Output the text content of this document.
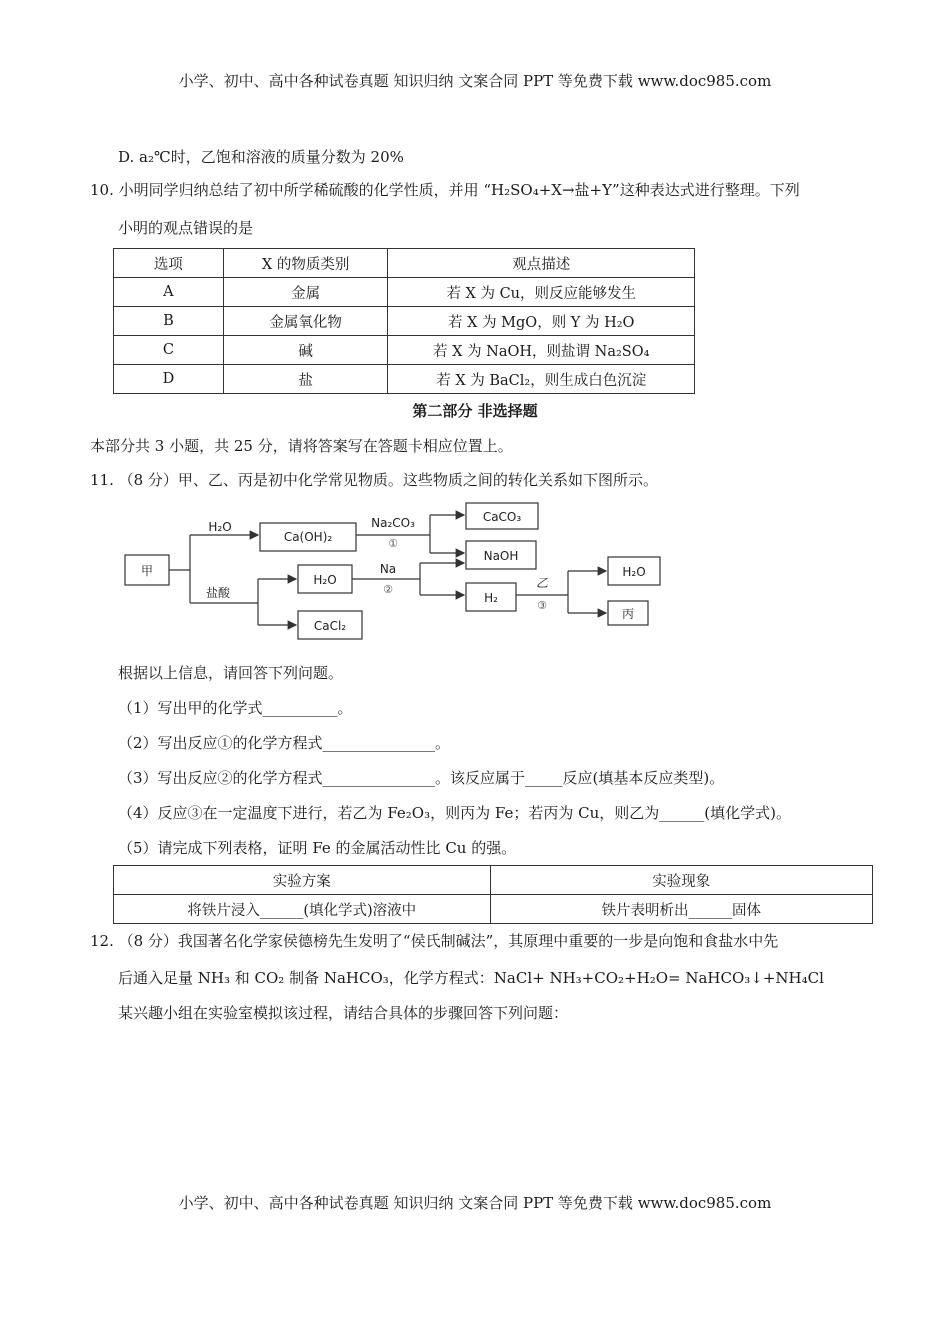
小学、初中、高中各种试卷真题 知识归纳 文案合同 PPT 等免费下载 www.doc985.com
D. a₂℃时，乙饱和溶液的质量分数为 20%
10. 小明同学归纳总结了初中所学稀硫酸的化学性质，并用 “H₂SO₄+X→盐+Y”这种表达式进行整理。下列
小明的观点错误的是
选项	X 的物质类别	观点描述
A	金属	若 X 为 Cu，则反应能够发生
B	金属氧化物	若 X 为 MgO，则 Y 为 H₂O
C	碱	若 X 为 NaOH，则盐谓 Na₂SO₄
D	盐	若 X 为 BaCl₂，则生成白色沉淀
第二部分 非选择题
本部分共 3 小题，共 25 分，请将答案写在答题卡相应位置上。
11. （8 分）甲、乙、丙是初中化学常见物质。这些物质之间的转化关系如下图所示。
甲
H₂O
Ca(OH)₂
Na₂CO₃
①
CaCO₃
NaOH
盐酸
H₂O
Na
②
CaCl₂
H₂
乙
③
H₂O
丙
根据以上信息，请回答下列问题。
（1）写出甲的化学式__________。
（2）写出反应①的化学方程式_______________。
（3）写出反应②的化学方程式_______________。该反应属于_____反应(填基本反应类型)。
（4）反应③在一定温度下进行，若乙为 Fe₂O₃，则丙为 Fe；若丙为 Cu，则乙为______(填化学式)。
（5）请完成下列表格，证明 Fe 的金属活动性比 Cu 的强。
实验方案	实验现象
将铁片浸入______(填化学式)溶液中	铁片表明析出______固体
12. （8 分）我国著名化学家侯德榜先生发明了“侯氏制碱法”，其原理中重要的一步是向饱和食盐水中先
后通入足量 NH₃ 和 CO₂ 制备 NaHCO₃，化学方程式：NaCl+ NH₃+CO₂+H₂O= NaHCO₃↓+NH₄Cl
某兴趣小组在实验室模拟该过程，请结合具体的步骤回答下列问题：
小学、初中、高中各种试卷真题 知识归纳 文案合同 PPT 等免费下载 www.doc985.com
